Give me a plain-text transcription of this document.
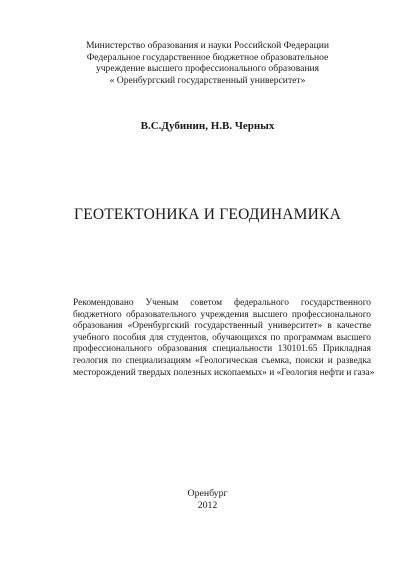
Министерство образования и науки Российской Федерации
Федеральное государственное бюджетное образовательное
учреждение высшего профессионального образования
« Оренбургский государственный университет»
В.С.Дубинин, Н.В. Черных
ГЕОТЕКТОНИКА И ГЕОДИНАМИКА
Рекомендовано Ученым советом федерального государственного
бюджетного образовательного учреждения высшего профессионального
образования «Оренбургский государственный университет» в качестве
учебного пособия для студентов, обучающихся по программам высшего
профессионального образования специальности 130101.65 Прикладная
геология по специализациям «Геологическая съемка, поиски и разведка
месторождений твердых полезных ископаемых» и «Геология нефти и газа»
Оренбург
2012
